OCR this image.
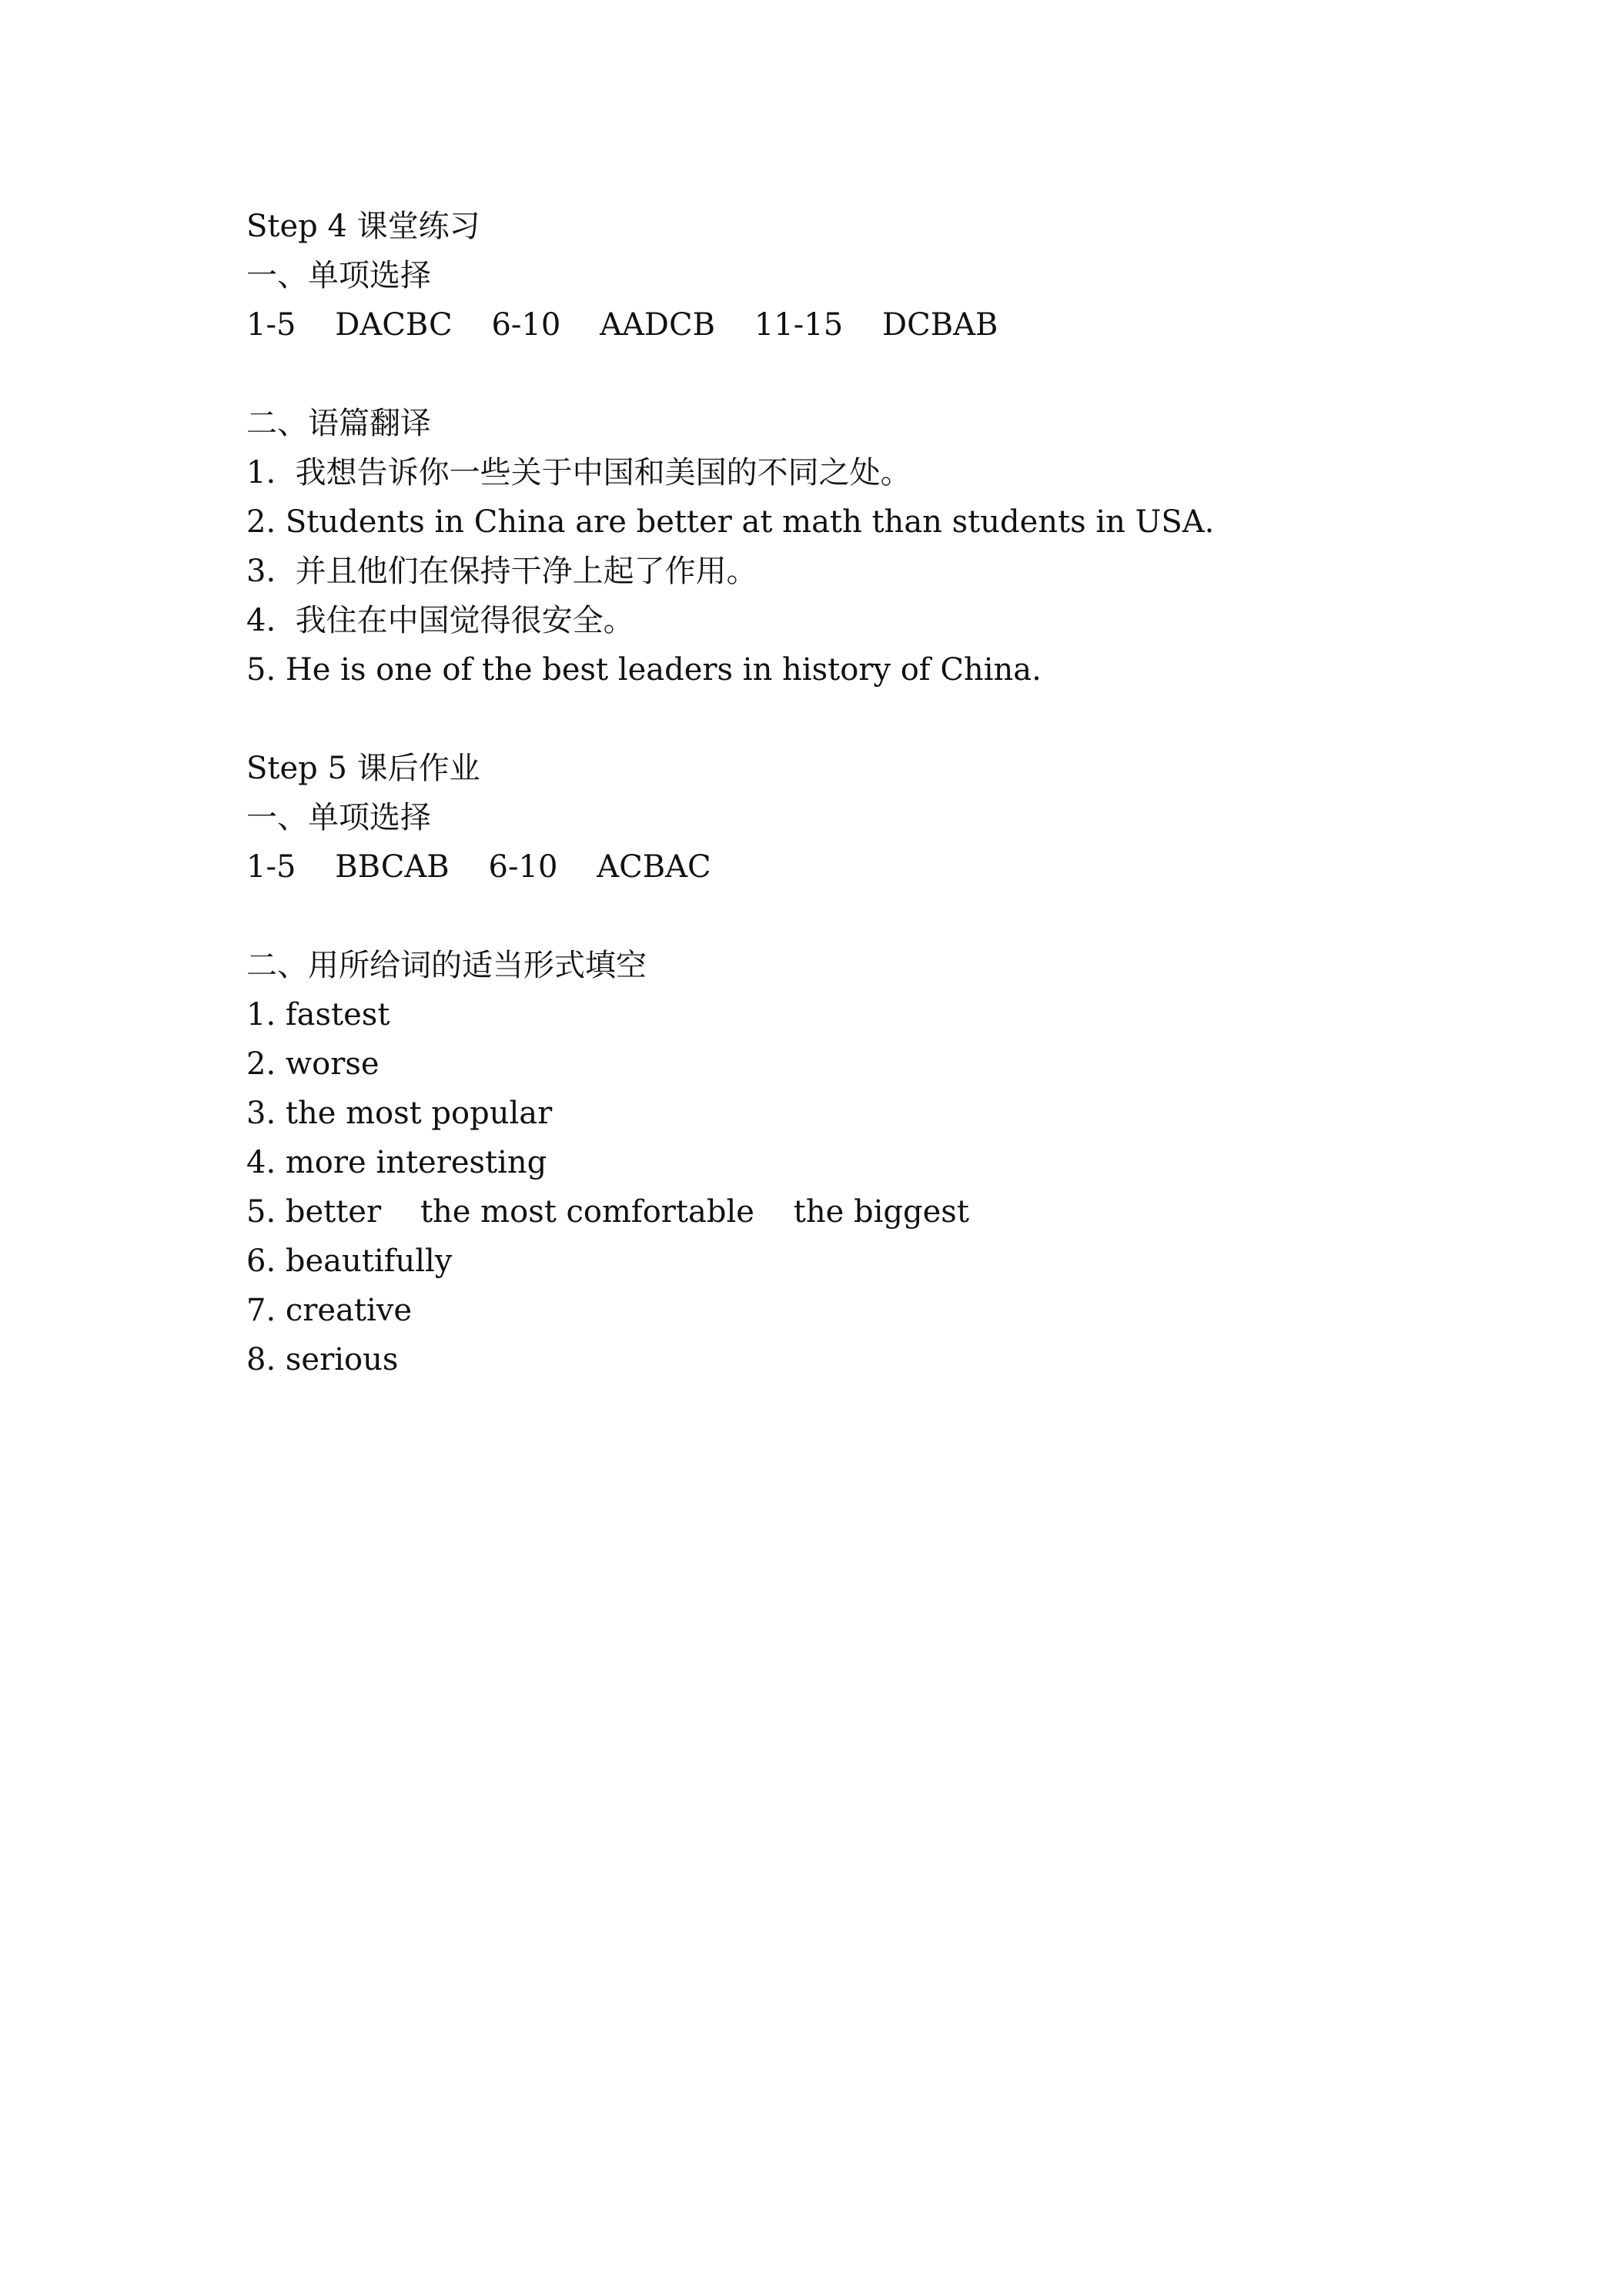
Step 4 课堂练习
一、单项选择
1-5    DACBC    6-10    AADCB    11-15    DCBAB
二、语篇翻译
1.  我想告诉你一些关于中国和美国的不同之处。
2. Students in China are better at math than students in USA.
3.  并且他们在保持干净上起了作用。
4.  我住在中国觉得很安全。
5. He is one of the best leaders in history of China.
Step 5 课后作业
一、单项选择
1-5    BBCAB    6-10    ACBAC
二、用所给词的适当形式填空
1. fastest
2. worse
3. the most popular
4. more interesting
5. better    the most comfortable    the biggest
6. beautifully
7. creative
8. serious
